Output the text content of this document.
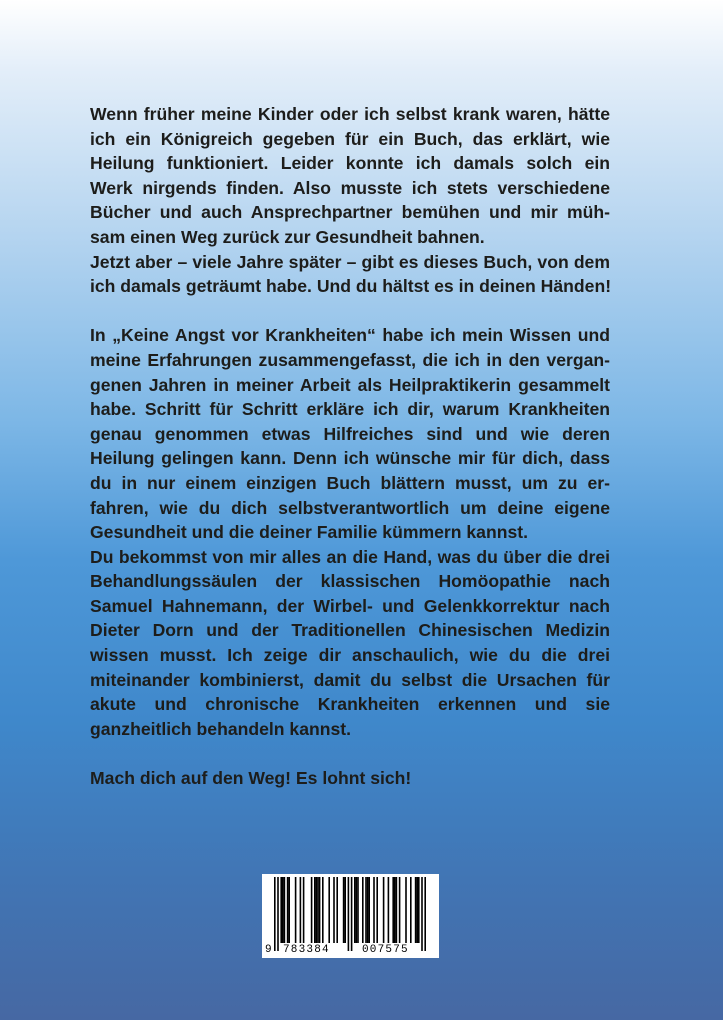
Wenn früher meine Kinder oder ich selbst krank waren, hätte
ich ein Königreich gegeben für ein Buch, das erklärt, wie
Heilung funktioniert. Leider konnte ich damals solch ein
Werk nirgends finden. Also musste ich stets verschiedene
Bücher und auch Ansprechpartner bemühen und mir müh-
sam einen Weg zurück zur Gesundheit bahnen.
Jetzt aber – viele Jahre später – gibt es dieses Buch, von dem
ich damals geträumt habe. Und du hältst es in deinen Händen!
In „Keine Angst vor Krankheiten“ habe ich mein Wissen und
meine Erfahrungen zusammengefasst, die ich in den vergan-
genen Jahren in meiner Arbeit als Heilpraktikerin gesammelt
habe. Schritt für Schritt erkläre ich dir, warum Krankheiten
genau genommen etwas Hilfreiches sind und wie deren
Heilung gelingen kann. Denn ich wünsche mir für dich, dass
du in nur einem einzigen Buch blättern musst, um zu er-
fahren, wie du dich selbstverantwortlich um deine eigene
Gesundheit und die deiner Familie kümmern kannst.
Du bekommst von mir alles an die Hand, was du über die drei
Behandlungssäulen der klassischen Homöopathie nach
Samuel Hahnemann, der Wirbel- und Gelenkkorrektur nach
Dieter Dorn und der Traditionellen Chinesischen Medizin
wissen musst. Ich zeige dir anschaulich, wie du die drei
miteinander kombinierst, damit du selbst die Ursachen für
akute und chronische Krankheiten erkennen und sie
ganzheitlich behandeln kannst.
Mach dich auf den Weg! Es lohnt sich!
9 783384	007575
